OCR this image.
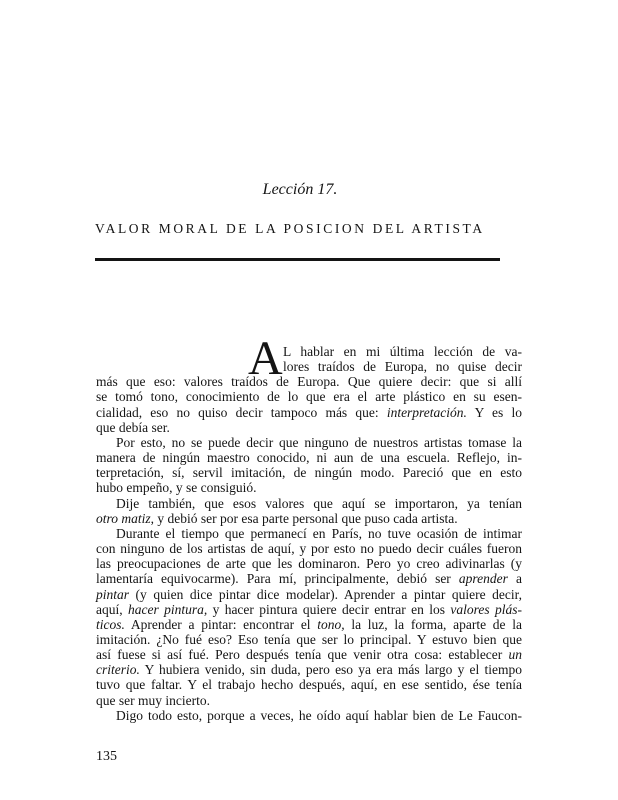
Lección 17.
VALOR MORAL DE LA POSICION DEL ARTISTA
A L hablar en mi última lección de va-
lores traídos de Europa, no quise decir
más que eso: valores traídos de Europa. Que quiere decir: que si allí
se tomó tono, conocimiento de lo que era el arte plástico en su esen-
cialidad, eso no quiso decir tampoco más que: interpretación. Y es lo
que debía ser.
Por esto, no se puede decir que ninguno de nuestros artistas tomase la
manera de ningún maestro conocido, ni aun de una escuela. Reflejo, in-
terpretación, sí, servil imitación, de ningún modo. Pareció que en esto
hubo empeño, y se consiguió.
Dije también, que esos valores que aquí se importaron, ya tenían
otro matiz, y debió ser por esa parte personal que puso cada artista.
Durante el tiempo que permanecí en París, no tuve ocasión de intimar
con ninguno de los artistas de aquí, y por esto no puedo decir cuáles fueron
las preocupaciones de arte que les dominaron. Pero yo creo adivinarlas (y
lamentaría equivocarme). Para mí, principalmente, debió ser aprender a
pintar (y quien dice pintar dice modelar). Aprender a pintar quiere decir,
aquí, hacer pintura, y hacer pintura quiere decir entrar en los valores plás-
ticos. Aprender a pintar: encontrar el tono, la luz, la forma, aparte de la
imitación. ¿No fué eso? Eso tenía que ser lo principal. Y estuvo bien que
así fuese si así fué. Pero después tenía que venir otra cosa: establecer un
criterio. Y hubiera venido, sin duda, pero eso ya era más largo y el tiempo
tuvo que faltar. Y el trabajo hecho después, aquí, en ese sentido, ése tenía
que ser muy incierto.
Digo todo esto, porque a veces, he oído aquí hablar bien de Le Faucon-
135
